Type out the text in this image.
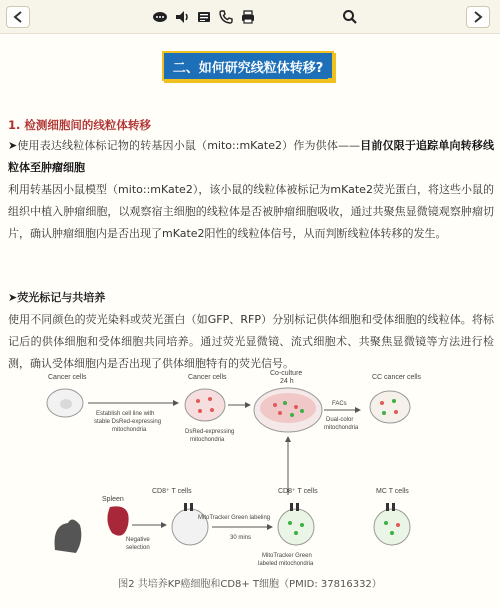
二、如何研究线粒体转移?
1. 检测细胞间的线粒体转移
➤使用表达线粒体标记物的转基因小鼠（mito::mKate2）作为供体——目前仅限于追踪单向转移线粒体至肿瘤细胞
利用转基因小鼠模型（mito::mKate2），该小鼠的线粒体被标记为mKate2荧光蛋白，将这些小鼠的组织中植入肿瘤细胞，以观察宿主细胞的线粒体是否被肿瘤细胞吸收，通过共聚焦显微镜观察肿瘤切片，确认肿瘤细胞内是否出现了mKate2阳性的线粒体信号，从而判断线粒体转移的发生。
➤荧光标记与共培养
使用不同颜色的荧光染料或荧光蛋白（如GFP、RFP）分别标记供体细胞和受体细胞的线粒体。将标记后的供体细胞和受体细胞共同培养。通过荧光显微镜、流式细胞术、共聚焦显微镜等方法进行检测，确认受体细胞内是否出现了供体细胞特有的荧光信号。
Cancer cells
Establish cell line with
stable DsRed-expressing
mitochondria
Cancer cells
DsRed-expressing
mitochondria
Co-culture
24 h
FACs
Dual-color
mitochondria
CC cancer cells
Spleen
Negative
selection
CD8⁺ T cells
MitoTracker Green labeling
30 mins
CD8⁺ T cells
MitoTracker Green
labeled mitochondria
MC T cells
图2 共培养KP癌细胞和CD8+ T细胞（PMID: 37816332）
